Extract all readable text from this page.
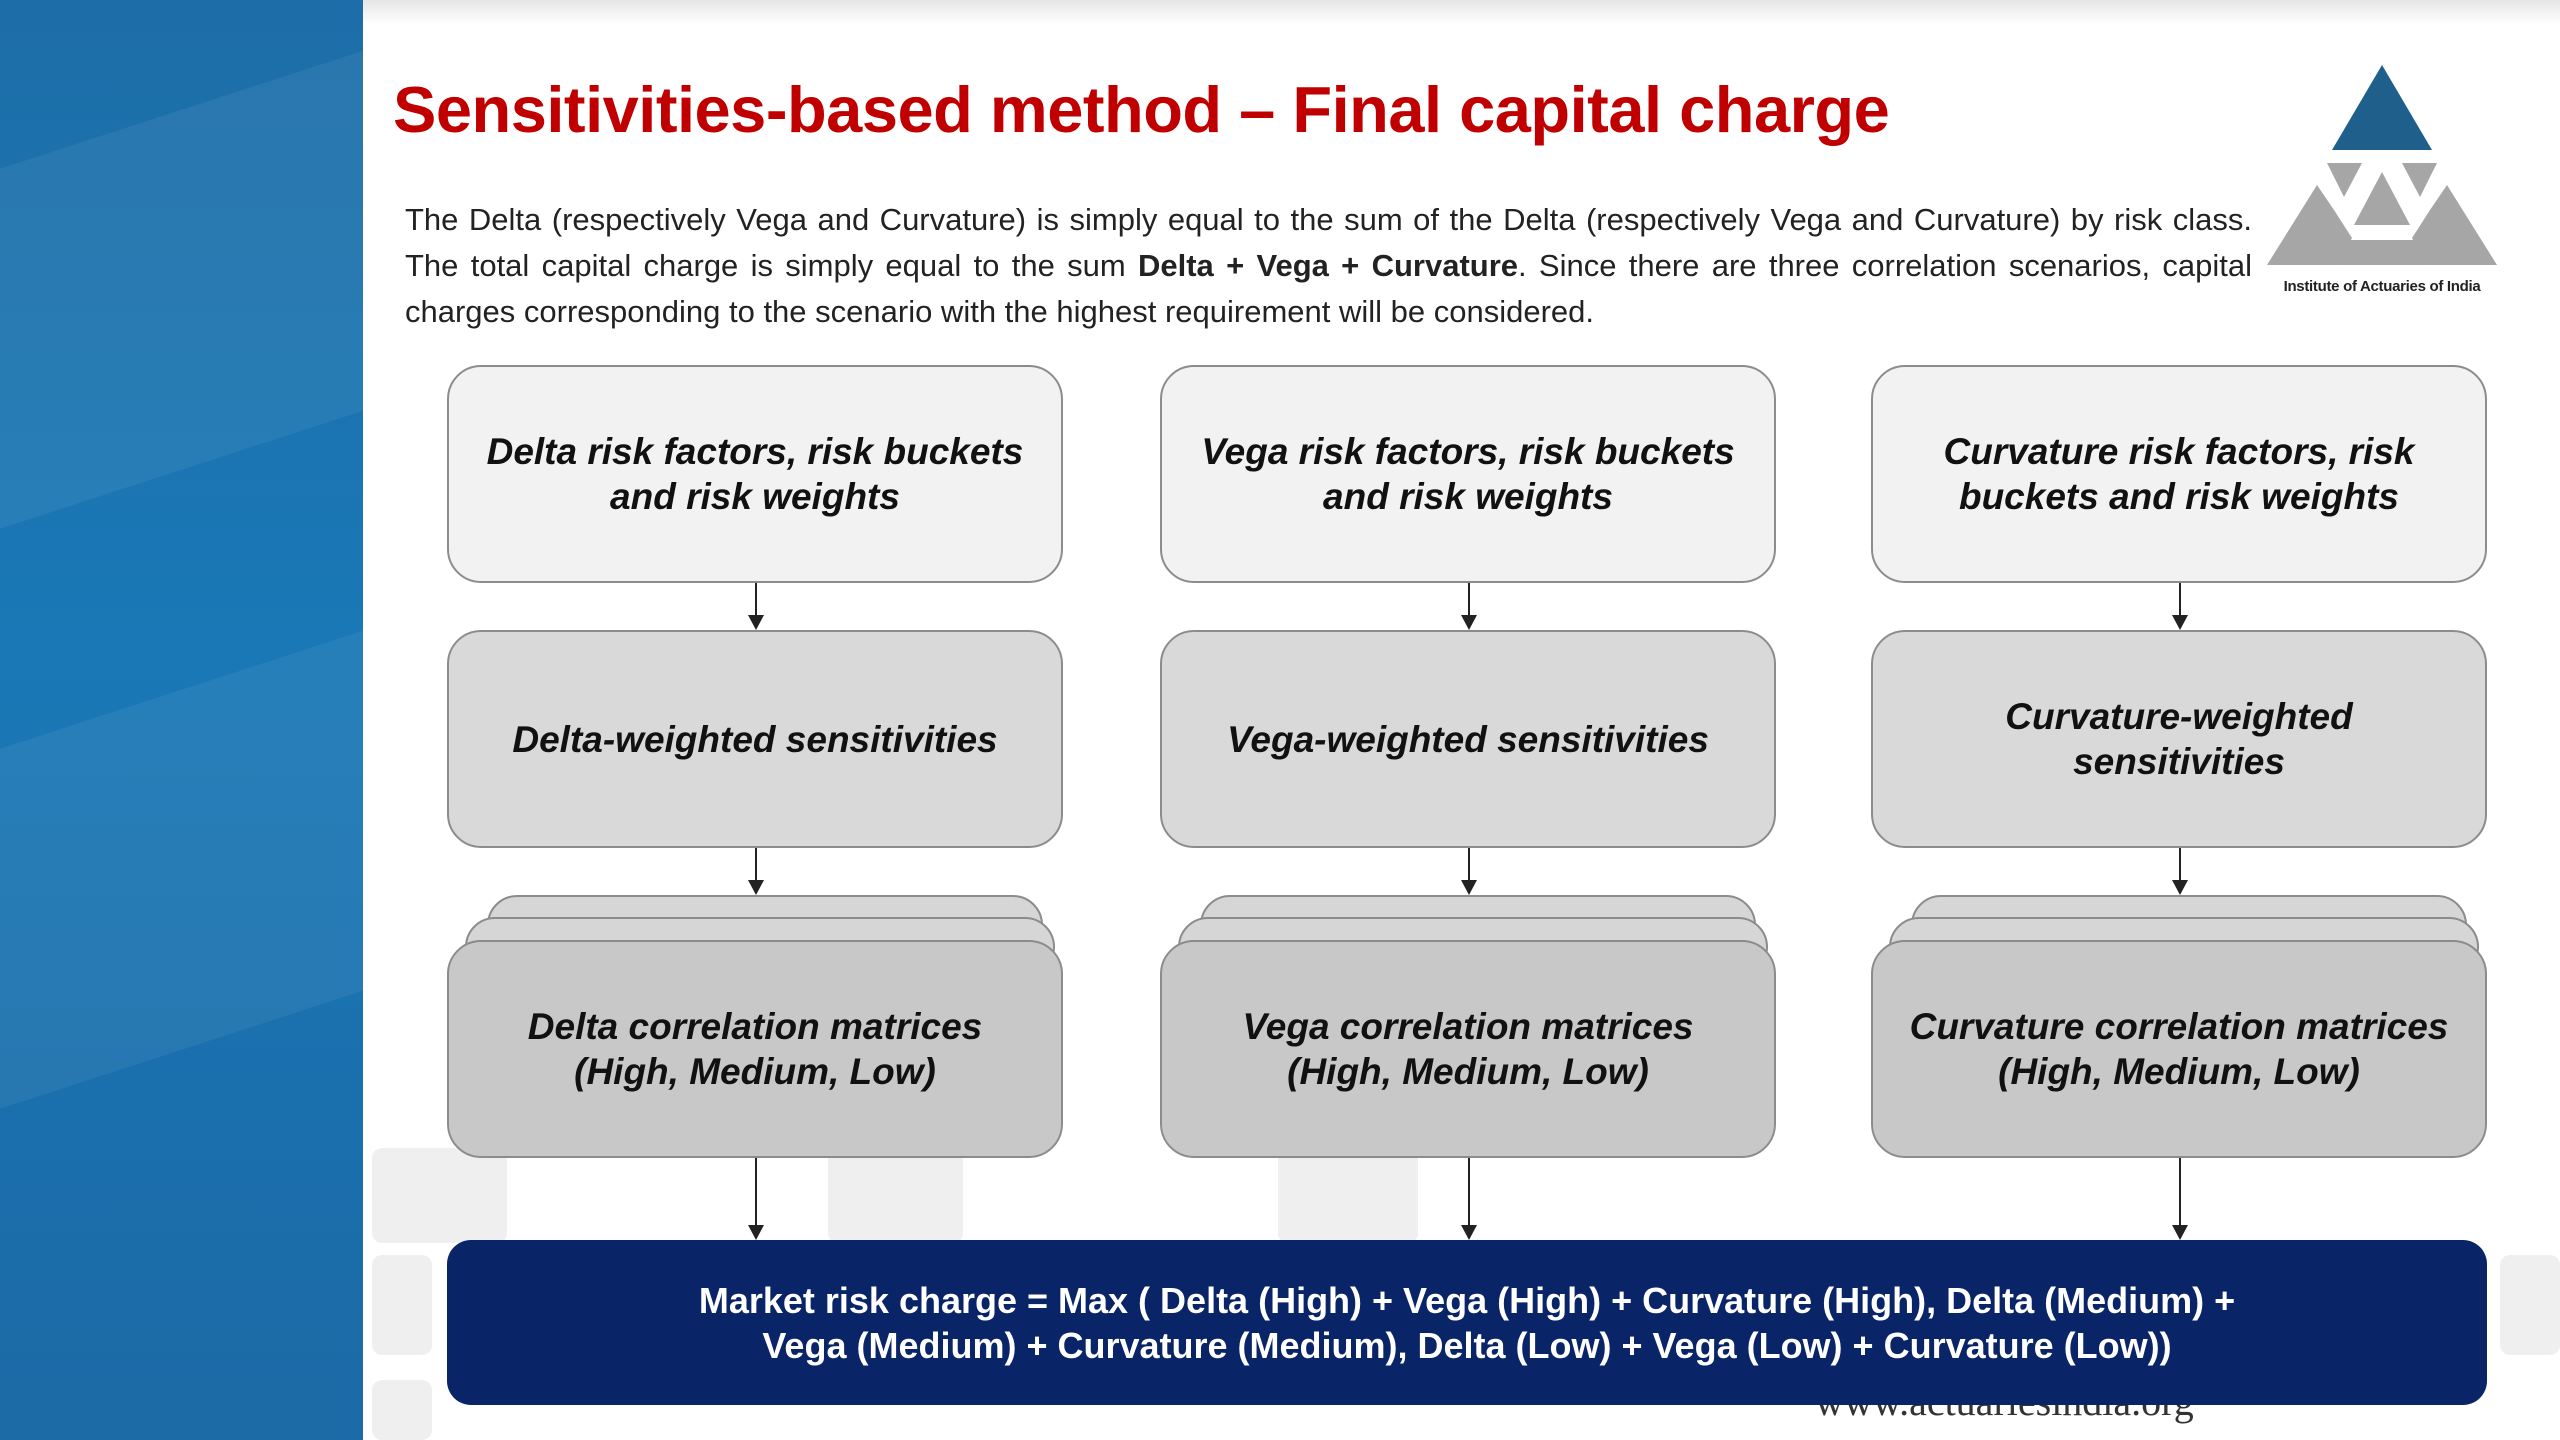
Sensitivities-based method – Final capital charge

The Delta (respectively Vega and Curvature) is simply equal to the sum of the Delta (respectively Vega and Curvature) by risk class. The total capital charge is simply equal to the sum Delta + Vega + Curvature. Since there are three correlation scenarios, capital charges corresponding to the scenario with the highest requirement will be considered.

Institute of Actuaries of India
Delta risk factors, risk buckets and risk weights
Delta-weighted sensitivities
Delta correlation matrices
(High, Medium, Low)
Vega risk factors, risk buckets and risk weights
Vega-weighted sensitivities
Vega correlation matrices
(High, Medium, Low)
Curvature risk factors, risk buckets and risk weights
Curvature-weighted sensitivities
Curvature correlation matrices
(High, Medium, Low)
Market risk charge = Max ( Delta (High) + Vega (High) + Curvature (High), Delta (Medium) +
Vega (Medium) + Curvature (Medium), Delta (Low) + Vega (Low) + Curvature (Low))
